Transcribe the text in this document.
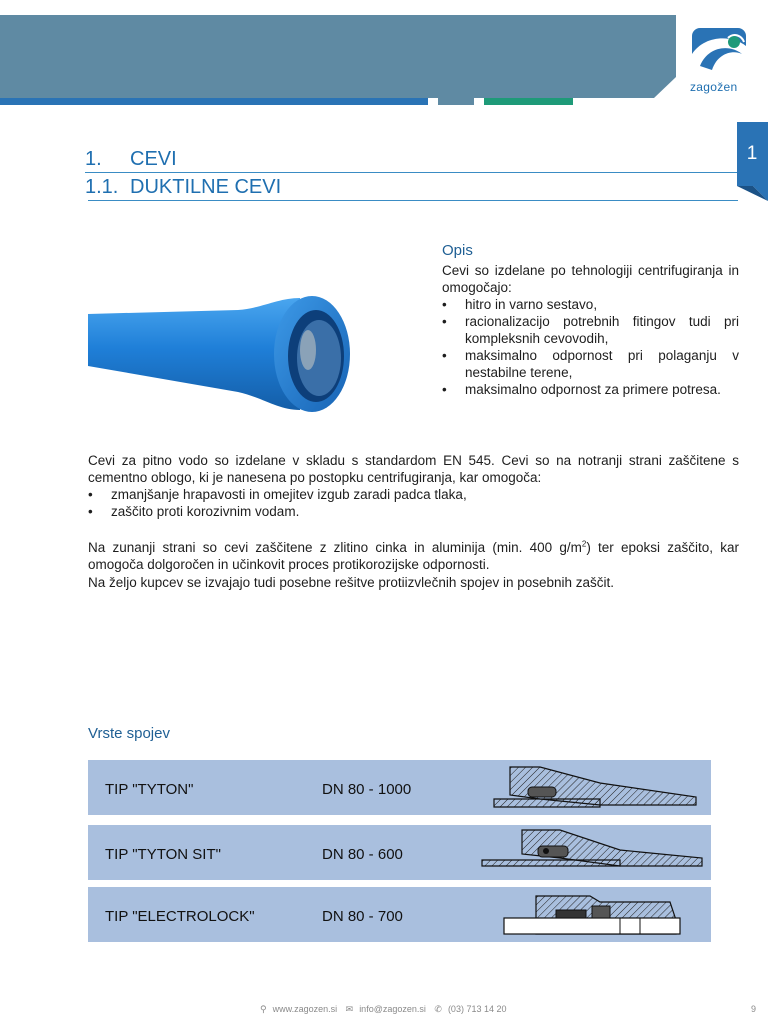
zagožen
1
1. CEVI
1.1. DUKTILNE CEVI
Opis
Cevi so izdelane po tehnologiji centrifugiranja in omogočajo:
• hitro in varno sestavo,
• racionalizacijo potrebnih fitingov tudi pri kompleksnih cevovodih,
• maksimalno odpornost pri polaganju v nestabilne terene,
• maksimalno odpornost za primere potresa.

Cevi za pitno vodo so izdelane v skladu s standardom EN 545. Cevi so na notranji strani zaščitene s cementno oblogo, ki je nanesena po postopku centrifugiranja, kar omogoča:

• zmanjšanje hrapavosti in omejitev izgub zaradi padca tlaka,
• zaščito proti korozivnim vodam.

Na zunanji strani so cevi zaščitene z zlitino cinka in aluminija (min. 400 $g/m^2$) ter epoksi zaščito, kar omogoča dolgoročen in učinkovit proces protikorozijske odpornosti.

Na željo kupcev se izvajajo tudi posebne rešitve protiizvlečnih spojev in posebnih zaščit.

Vrste spojev
TIP "TYTON"	DN 80 - 1000
TIP "TYTON SIT"	DN 80 - 600
TIP "ELECTROLOCK"	DN 80 - 700
⚲ www.zagozen.si ✉ info@zagozen.si ✆ (03) 713 14 20	9
